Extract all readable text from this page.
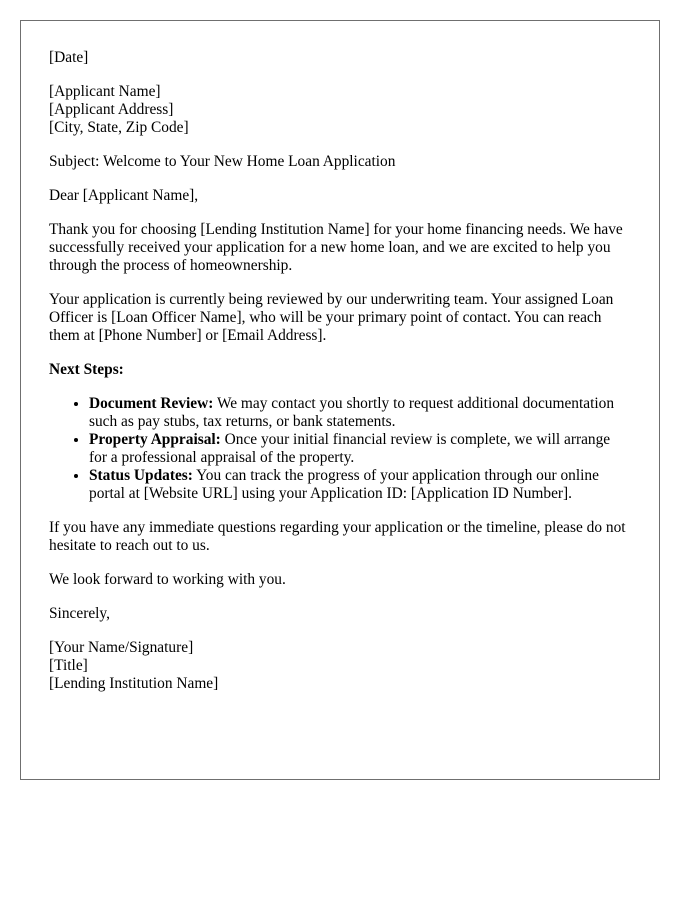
[Date]

[Applicant Name]
[Applicant Address]
[City, State, Zip Code]

Subject: Welcome to Your New Home Loan Application

Dear [Applicant Name],

Thank you for choosing [Lending Institution Name] for your home financing needs. We have successfully received your application for a new home loan, and we are excited to help you through the process of homeownership.

Your application is currently being reviewed by our underwriting team. Your assigned Loan Officer is [Loan Officer Name], who will be your primary point of contact. You can reach them at [Phone Number] or [Email Address].

Next Steps:

• Document Review: We may contact you shortly to request additional documentation such as pay stubs, tax returns, or bank statements.
• Property Appraisal: Once your initial financial review is complete, we will arrange for a professional appraisal of the property.
• Status Updates: You can track the progress of your application through our online portal at [Website URL] using your Application ID: [Application ID Number].

If you have any immediate questions regarding your application or the timeline, please do not hesitate to reach out to us.

We look forward to working with you.

Sincerely,

[Your Name/Signature]
[Title]
[Lending Institution Name]
